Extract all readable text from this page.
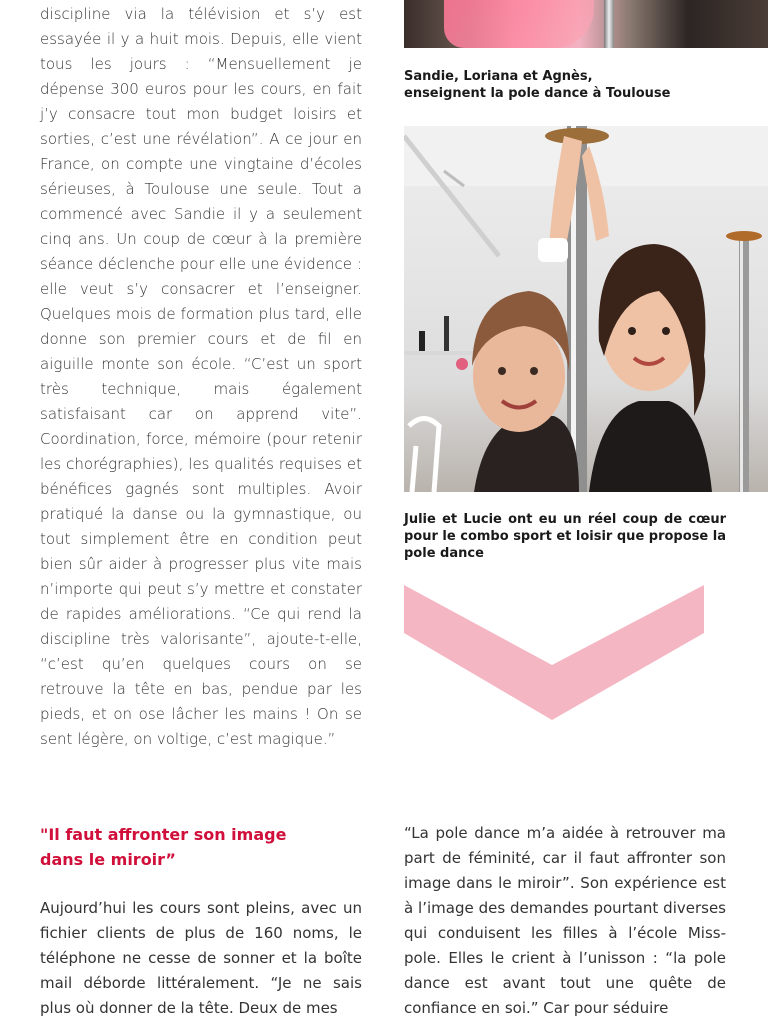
discipline via la télévision et s’y est essayée il y a huit mois. Depuis, elle vient tous les jours : “Mensuellement je dépense 300 euros pour les cours, en fait j’y consacre tout mon budget loisirs et sorties, c’est une révélation”. A ce jour en France, on compte une vingtaine d’écoles sérieuses, à Toulouse une seule. Tout a commencé avec Sandie il y a seulement cinq ans. Un coup de cœur à la première séance déclenche pour elle une évidence : elle veut s’y consacrer et l’enseigner. Quelques mois de formation plus tard, elle donne son premier cours et de fil en aiguille monte son école. “C’est un sport très technique, mais également satisfaisant car on apprend vite”. Coordination, force, mémoire (pour retenir les chorégraphies), les qualités requises et bénéfices gagnés sont multiples. Avoir pratiqué la danse ou la gymnastique, ou tout simplement être en condition peut bien sûr aider à progresser plus vite mais n’importe qui peut s’y mettre et constater de rapides améliorations. “Ce qui rend la discipline très valorisante”, ajoute-t-elle, “c’est qu’en quelques cours on se retrouve la tête en bas, pendue par les pieds, et on ose lâcher les mains ! On se sent légère, on voltige, c’est magique.”

Sandie, Loriana et Agnès,
enseignent la pole dance à Toulouse
Julie et Lucie ont eu un réel coup de cœur pour le combo sport et loisir que propose la pole dance
"Il faut affronter son image
dans le miroir”

Aujourd’hui les cours sont pleins, avec un fichier clients de plus de 160 noms, le téléphone ne cesse de sonner et la boîte mail déborde littéralement. “Je ne sais plus où donner de la tête. Deux de mes

“La pole dance m’a aidée à retrouver ma part de féminité, car il faut affronter son image dans le miroir”. Son expérience est à l’image des demandes pourtant diverses qui conduisent les filles à l’école Miss-pole. Elles le crient à l’unisson : “la pole dance est avant tout une quête de confiance en soi.” Car pour séduire
